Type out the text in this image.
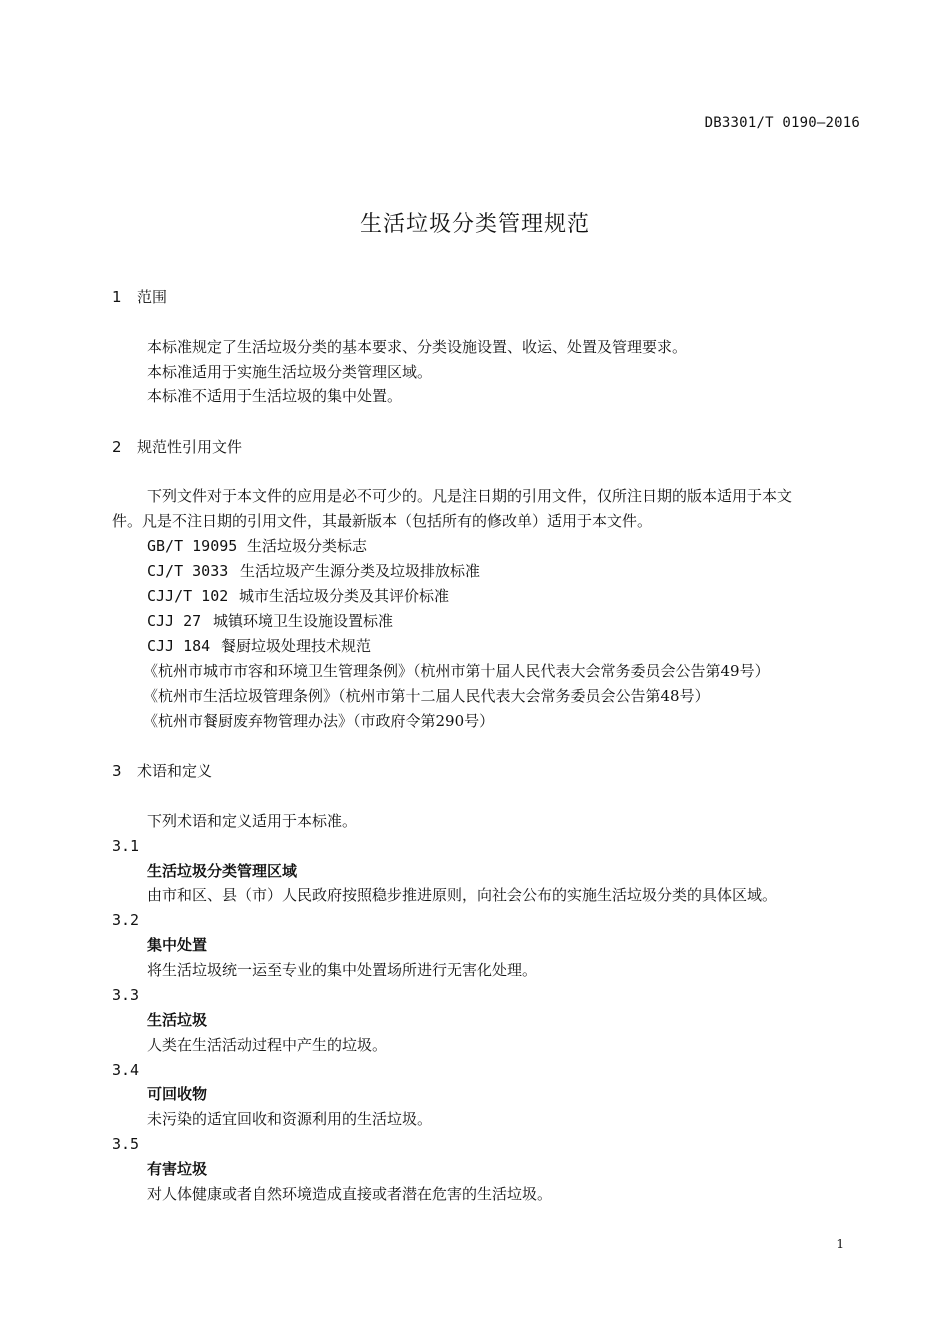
DB3301/T 0190—2016
生活垃圾分类管理规范
1 范围
本标准规定了生活垃圾分类的基本要求、分类设施设置、收运、处置及管理要求。
本标准适用于实施生活垃圾分类管理区域。
本标准不适用于生活垃圾的集中处置。
2 规范性引用文件
下列文件对于本文件的应用是必不可少的。凡是注日期的引用文件，仅所注日期的版本适用于本文
件。凡是不注日期的引用文件，其最新版本（包括所有的修改单）适用于本文件。
GB/T 19095 生活垃圾分类标志
CJ/T 3033 生活垃圾产生源分类及垃圾排放标准
CJJ/T 102 城市生活垃圾分类及其评价标准
CJJ 27 城镇环境卫生设施设置标准
CJJ 184 餐厨垃圾处理技术规范
《杭州市城市市容和环境卫生管理条例》（杭州市第十届人民代表大会常务委员会公告第49号）
《杭州市生活垃圾管理条例》（杭州市第十二届人民代表大会常务委员会公告第48号）
《杭州市餐厨废弃物管理办法》（市政府令第290号）
3 术语和定义
下列术语和定义适用于本标准。
3.1
生活垃圾分类管理区域
由市和区、县（市）人民政府按照稳步推进原则，向社会公布的实施生活垃圾分类的具体区域。
3.2
集中处置
将生活垃圾统一运至专业的集中处置场所进行无害化处理。
3.3
生活垃圾
人类在生活活动过程中产生的垃圾。
3.4
可回收物
未污染的适宜回收和资源利用的生活垃圾。
3.5
有害垃圾
对人体健康或者自然环境造成直接或者潜在危害的生活垃圾。
1
